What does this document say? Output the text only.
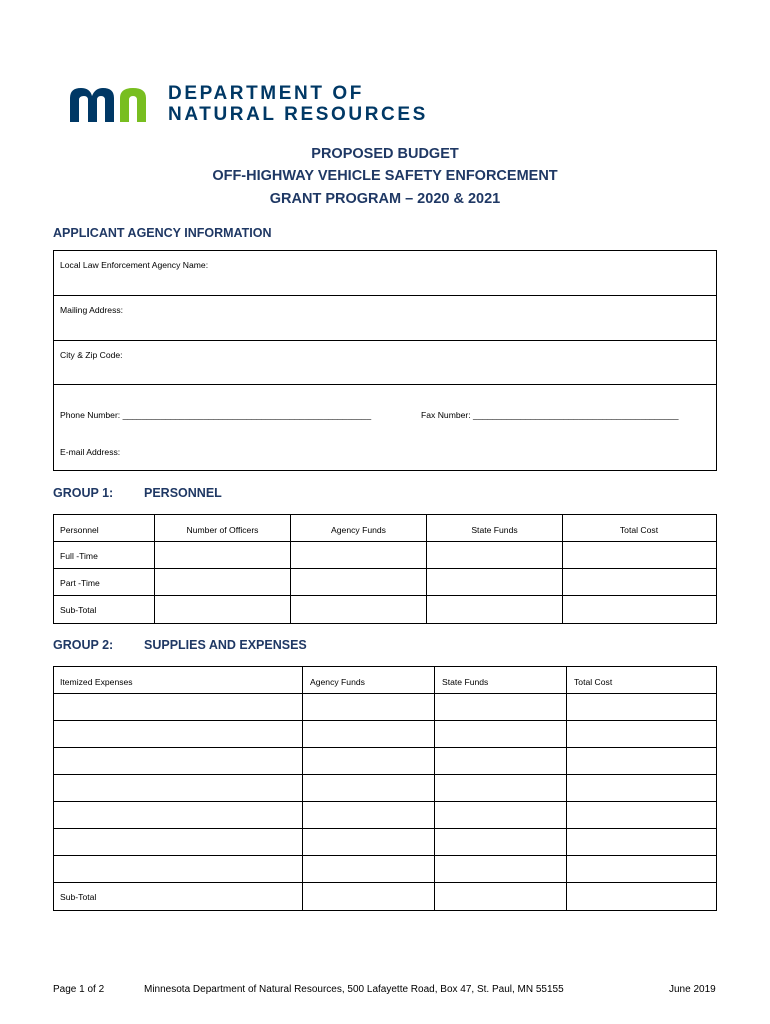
DEPARTMENT OF
NATURAL RESOURCES
PROPOSED BUDGET
OFF-HIGHWAY VEHICLE SAFETY ENFORCEMENT
GRANT PROGRAM – 2020 & 2021
APPLICANT AGENCY INFORMATION
Local Law Enforcement Agency Name:
Mailing Address:
City & Zip Code:
Phone Number: ____________________________________________________	Fax Number: ___________________________________________
E-mail Address:
GROUP 1: PERSONNEL
Personnel	Number of Officers	Agency Funds	State Funds	Total Cost
Full -Time
Part -Time
Sub-Total
GROUP 2: SUPPLIES AND EXPENSES
Itemized Expenses	Agency Funds	State Funds	Total Cost
Sub-Total
Page 1 of 2	Minnesota Department of Natural Resources, 500 Lafayette Road, Box 47, St. Paul, MN 55155	June 2019
